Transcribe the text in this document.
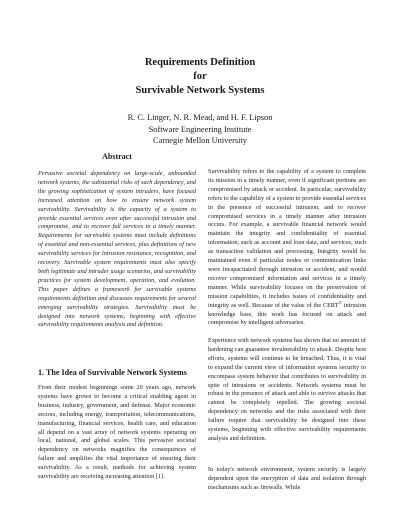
Requirements Definition
for
Survivable Network Systems
R. C. Linger, N. R. Mead, and H. F. Lipson
Software Engineering Institute
Carnegie Mellon University
Abstract

Pervasive societal dependency on large-scale, unbounded network systems, the substantial risks of such dependency, and the growing sophistication of system intruders, have focused increased attention on how to ensure network system survivability. Survivability is the capacity of a system to provide essential services even after successful intrusion and compromise, and to recover full services in a timely manner. Requirements for survivable systems must include definitions of essential and non-essential services, plus definitions of new survivability services for intrusion resistance, recognition, and recovery. Survivable system requirements must also specify both legitimate and intruder usage scenarios, and survivability practices for system development, operation, and evolution. This paper defines a framework for survivable systems requirements definition and discusses requirements for several emerging survivability strategies. Survivability must be designed into network systems, beginning with effective survivability requirements analysis and definition.

1. The Idea of Survivable Network Systems

From their modest beginnings some 20 years ago, network systems have grown to become a critical enabling agent in business, industry, government, and defense. Major economic sectors, including energy, transportation, telecommunications, manufacturing, financial services, health care, and education all depend on a vast array of network systems operating on local, national, and global scales. This pervasive societal dependency on networks magnifies the consequences of failure and amplifies the vital importance of ensuring their survivability. As a result, methods for achieving system survivability are receiving increasing attention [1].

Survivability refers to the capability of a system to complete its mission in a timely manner, even if significant portions are compromised by attack or accident. In particular, survivability refers to the capability of a system to provide essential services in the presence of successful intrusion, and to recover compromised services in a timely manner after intrusion occurs. For example, a survivable financial network would maintain the integrity and confidentiality of essential information, such as account and loan data, and services, such as transaction validation and processing. Integrity would be maintained even if particular nodes or communication links were incapacitated through intrusion or accident, and would recover compromised information and services in a timely manner. While survivability focuses on the preservation of mission capabilities, it includes issues of confidentiality and integrity as well. Because of the value of the CERT® intrusion knowledge base, this work has focused on attack and compromise by intelligent adversaries.

Experience with network systems has shown that no amount of hardening can guarantee invulnerability to attack. Despite best efforts, systems will continue to be breached. Thus, it is vital to expand the current view of information systems security to encompass system behavior that contributes to survivability in spite of intrusions or accidents. Network systems must be robust in the presence of attack and able to survive attacks that cannot be completely repelled. The growing societal dependency on networks and the risks associated with their failure require that survivability be designed into these systems, beginning with effective survivability requirements analysis and definition.

In today's network environment, system security is largely dependent upon the encryption of data and isolation through mechanisms such as firewalls. While
